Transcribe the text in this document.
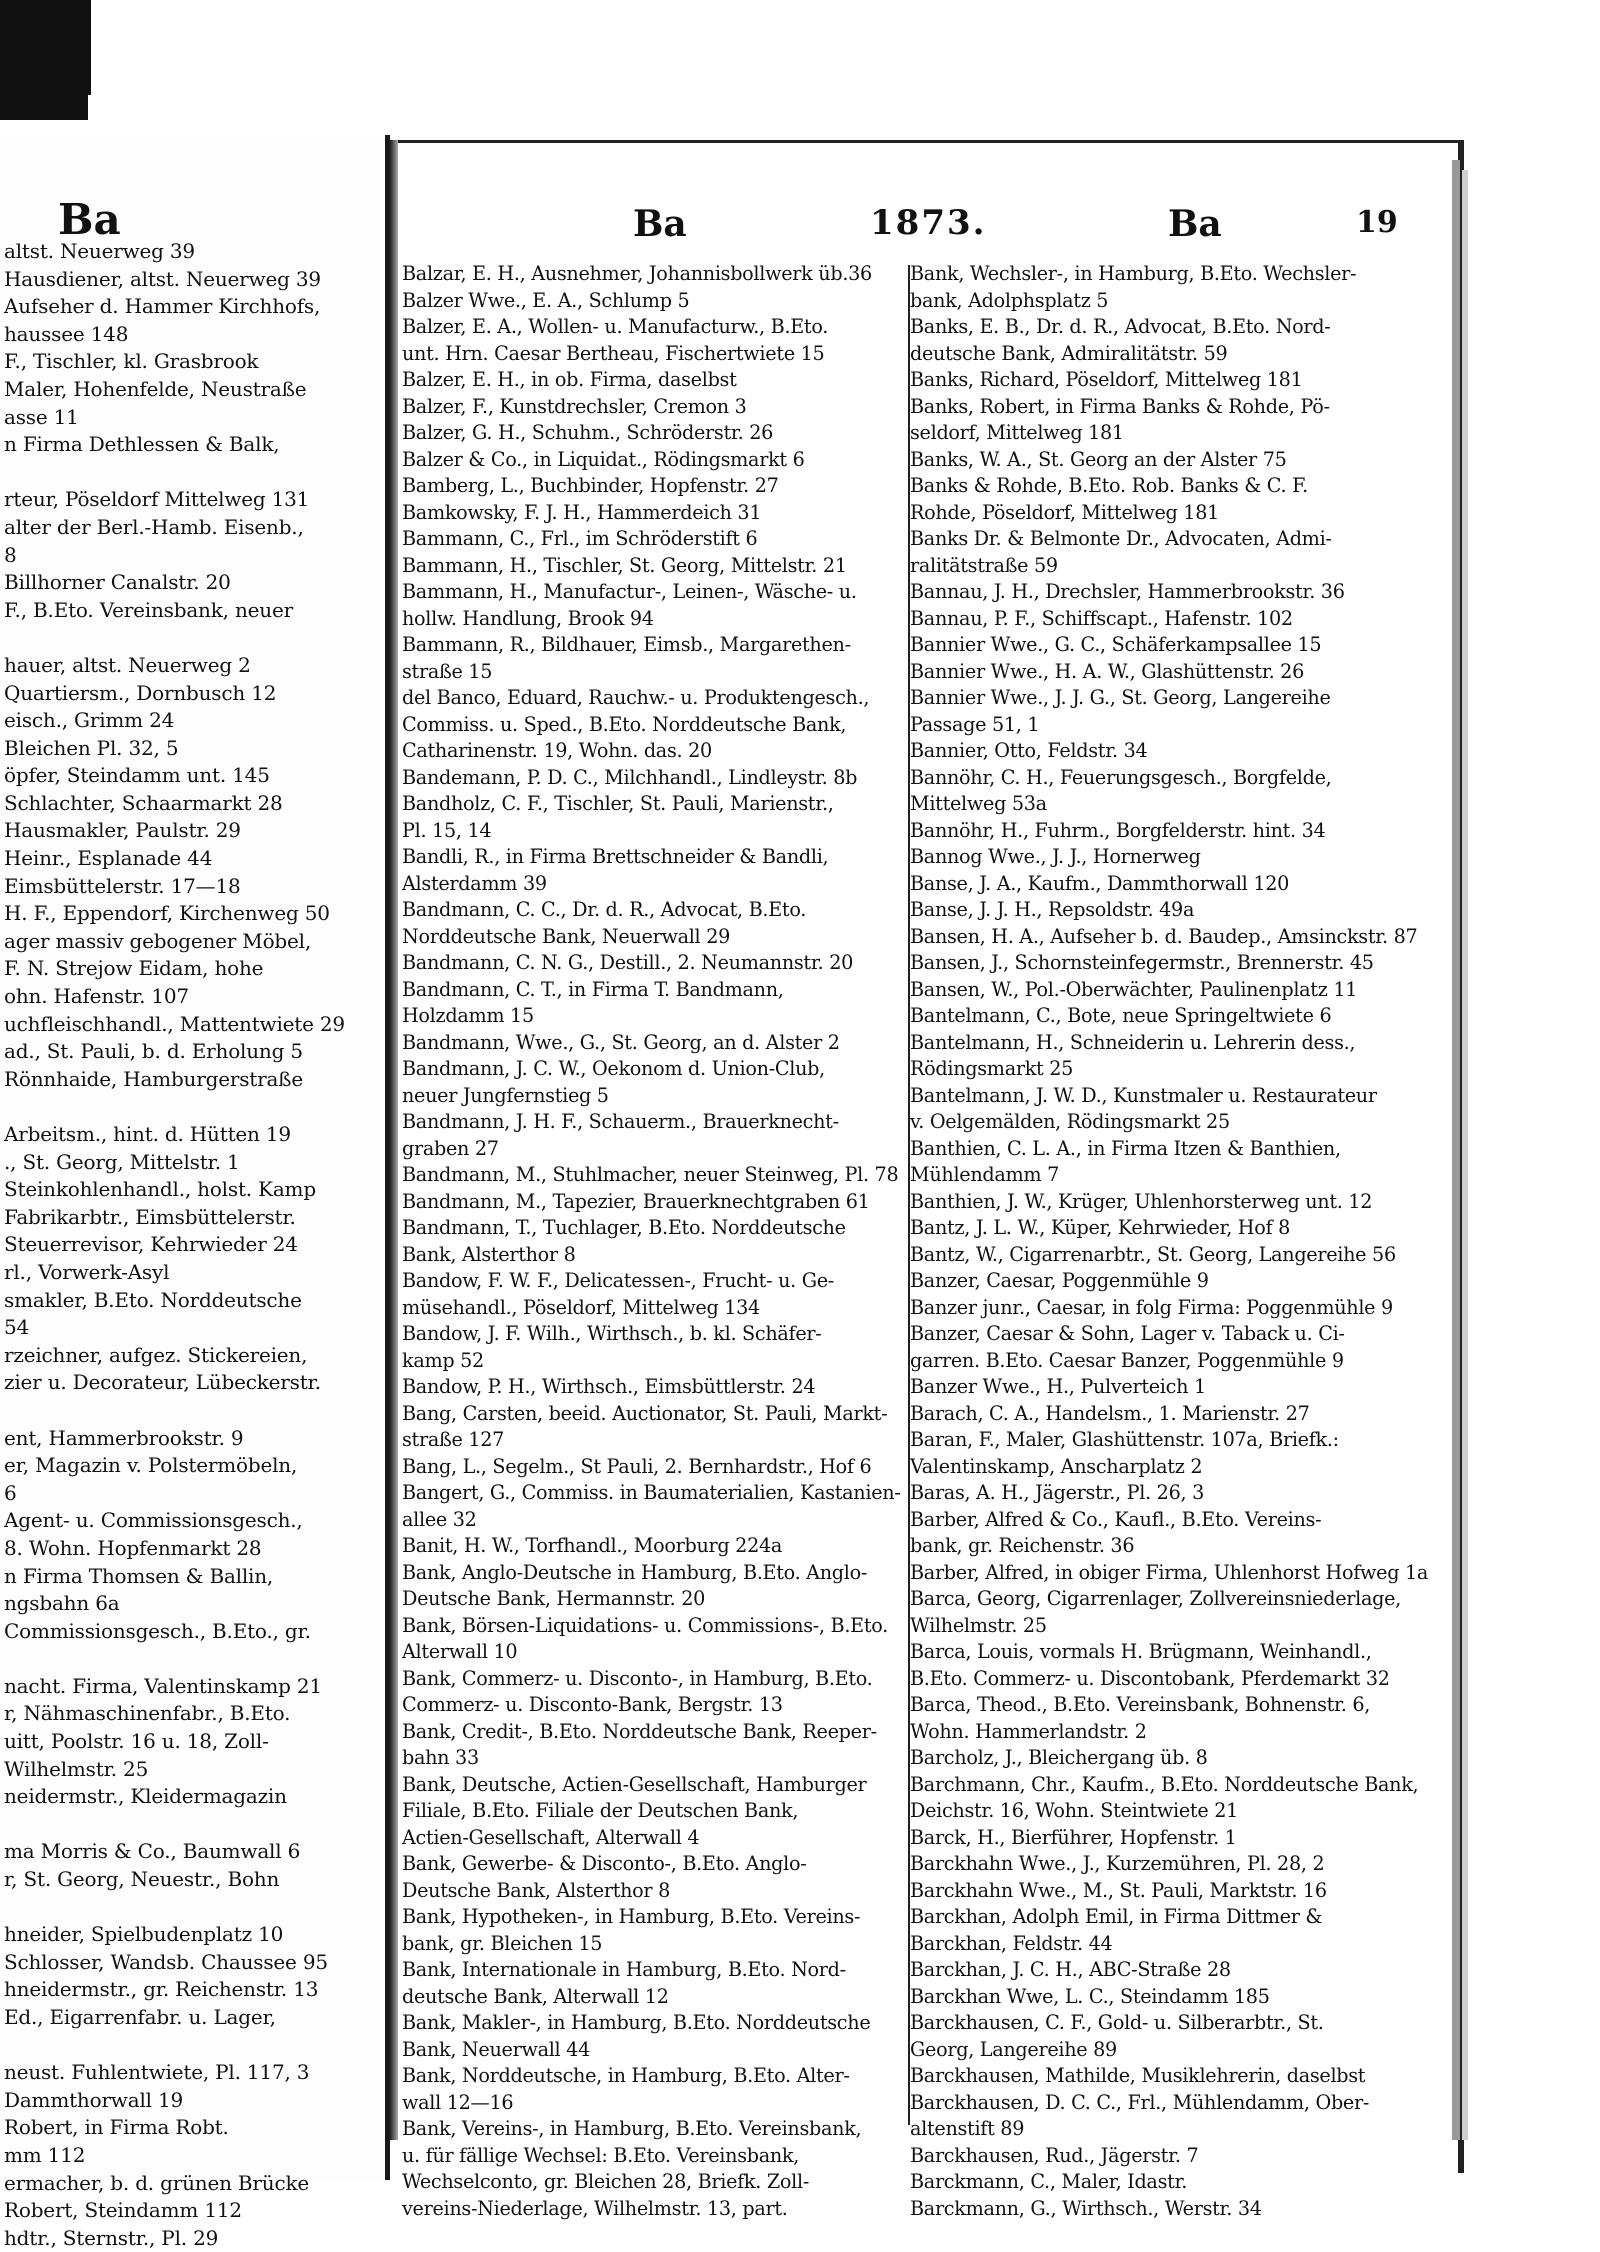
Ba
altst. Neuerweg 39
Hausdiener, altst. Neuerweg 39
Aufseher d. Hammer Kirchhofs,
haussee 148
F., Tischler, kl. Grasbrook
Maler, Hohenfelde, Neustraße
asse 11
n Firma Dethlessen & Balk,
rteur, Pöseldorf Mittelweg 131
alter der Berl.-Hamb. Eisenb.,
8
Billhorner Canalstr. 20
F., B.Eto. Vereinsbank, neuer
hauer, altst. Neuerweg 2
Quartiersm., Dornbusch 12
eisch., Grimm 24
Bleichen Pl. 32, 5
öpfer, Steindamm unt. 145
Schlachter, Schaarmarkt 28
Hausmakler, Paulstr. 29
Heinr., Esplanade 44
Eimsbüttelerstr. 17—18
H. F., Eppendorf, Kirchenweg 50
ager massiv gebogener Möbel,
F. N. Strejow Eidam, hohe
ohn. Hafenstr. 107
uchfleischhandl., Mattentwiete 29
ad., St. Pauli, b. d. Erholung 5
Rönnhaide, Hamburgerstraße
Arbeitsm., hint. d. Hütten 19
., St. Georg, Mittelstr. 1
Steinkohlenhandl., holst. Kamp
Fabrikarbtr., Eimsbüttelerstr.
Steuerrevisor, Kehrwieder 24
rl., Vorwerk-Asyl
smakler, B.Eto. Norddeutsche
54
rzeichner, aufgez. Stickereien,
zier u. Decorateur, Lübeckerstr.
ent, Hammerbrookstr. 9
er, Magazin v. Polstermöbeln,
6
Agent- u. Commissionsgesch.,
8. Wohn. Hopfenmarkt 28
n Firma Thomsen & Ballin,
ngsbahn 6a
Commissionsgesch., B.Eto., gr.
nacht. Firma, Valentinskamp 21
r, Nähmaschinenfabr., B.Eto.
uitt, Poolstr. 16 u. 18, Zoll-
Wilhelmstr. 25
neidermstr., Kleidermagazin
ma Morris & Co., Baumwall 6
r, St. Georg, Neuestr., Bohn
hneider, Spielbudenplatz 10
Schlosser, Wandsb. Chaussee 95
hneidermstr., gr. Reichenstr. 13
Ed., Eigarrenfabr. u. Lager,
neust. Fuhlentwiete, Pl. 117, 3
Dammthorwall 19
Robert, in Firma Robt.
mm 112
ermacher, b. d. grünen Brücke
Robert, Steindamm 112
hdtr., Sternstr., Pl. 29
Ba	1873.	Ba	19
Balzar, E. H., Ausnehmer, Johannisbollwerk üb.36
Balzer Wwe., E. A., Schlump 5
Balzer, E. A., Wollen- u. Manufacturw., B.Eto.
unt. Hrn. Caesar Bertheau, Fischertwiete 15
Balzer, E. H., in ob. Firma, daselbst
Balzer, F., Kunstdrechsler, Cremon 3
Balzer, G. H., Schuhm., Schröderstr. 26
Balzer & Co., in Liquidat., Rödingsmarkt 6
Bamberg, L., Buchbinder, Hopfenstr. 27
Bamkowsky, F. J. H., Hammerdeich 31
Bammann, C., Frl., im Schröderstift 6
Bammann, H., Tischler, St. Georg, Mittelstr. 21
Bammann, H., Manufactur-, Leinen-, Wäsche- u.
hollw. Handlung, Brook 94
Bammann, R., Bildhauer, Eimsb., Margarethen-
straße 15
del Banco, Eduard, Rauchw.- u. Produktengesch.,
Commiss. u. Sped., B.Eto. Norddeutsche Bank,
Catharinenstr. 19, Wohn. das. 20
Bandemann, P. D. C., Milchhandl., Lindleystr. 8b
Bandholz, C. F., Tischler, St. Pauli, Marienstr.,
Pl. 15, 14
Bandli, R., in Firma Brettschneider & Bandli,
Alsterdamm 39
Bandmann, C. C., Dr. d. R., Advocat, B.Eto.
Norddeutsche Bank, Neuerwall 29
Bandmann, C. N. G., Destill., 2. Neumannstr. 20
Bandmann, C. T., in Firma T. Bandmann,
Holzdamm 15
Bandmann, Wwe., G., St. Georg, an d. Alster 2
Bandmann, J. C. W., Oekonom d. Union-Club,
neuer Jungfernstieg 5
Bandmann, J. H. F., Schauerm., Brauerknecht-
graben 27
Bandmann, M., Stuhlmacher, neuer Steinweg, Pl. 78
Bandmann, M., Tapezier, Brauerknechtgraben 61
Bandmann, T., Tuchlager, B.Eto. Norddeutsche
Bank, Alsterthor 8
Bandow, F. W. F., Delicatessen-, Frucht- u. Ge-
müsehandl., Pöseldorf, Mittelweg 134
Bandow, J. F. Wilh., Wirthsch., b. kl. Schäfer-
kamp 52
Bandow, P. H., Wirthsch., Eimsbüttlerstr. 24
Bang, Carsten, beeid. Auctionator, St. Pauli, Markt-
straße 127
Bang, L., Segelm., St Pauli, 2. Bernhardstr., Hof 6
Bangert, G., Commiss. in Baumaterialien, Kastanien-
allee 32
Banit, H. W., Torfhandl., Moorburg 224a
Bank, Anglo-Deutsche in Hamburg, B.Eto. Anglo-
Deutsche Bank, Hermannstr. 20
Bank, Börsen-Liquidations- u. Commissions-, B.Eto.
Alterwall 10
Bank, Commerz- u. Disconto-, in Hamburg, B.Eto.
Commerz- u. Disconto-Bank, Bergstr. 13
Bank, Credit-, B.Eto. Norddeutsche Bank, Reeper-
bahn 33
Bank, Deutsche, Actien-Gesellschaft, Hamburger
Filiale, B.Eto. Filiale der Deutschen Bank,
Actien-Gesellschaft, Alterwall 4
Bank, Gewerbe- & Disconto-, B.Eto. Anglo-
Deutsche Bank, Alsterthor 8
Bank, Hypotheken-, in Hamburg, B.Eto. Vereins-
bank, gr. Bleichen 15
Bank, Internationale in Hamburg, B.Eto. Nord-
deutsche Bank, Alterwall 12
Bank, Makler-, in Hamburg, B.Eto. Norddeutsche
Bank, Neuerwall 44
Bank, Norddeutsche, in Hamburg, B.Eto. Alter-
wall 12—16
Bank, Vereins-, in Hamburg, B.Eto. Vereinsbank,
u. für fällige Wechsel: B.Eto. Vereinsbank,
Wechselconto, gr. Bleichen 28, Briefk. Zoll-
vereins-Niederlage, Wilhelmstr. 13, part.
Bank, Wechsler-, in Hamburg, B.Eto. Wechsler-
bank, Adolphsplatz 5
Banks, E. B., Dr. d. R., Advocat, B.Eto. Nord-
deutsche Bank, Admiralitätstr. 59
Banks, Richard, Pöseldorf, Mittelweg 181
Banks, Robert, in Firma Banks & Rohde, Pö-
seldorf, Mittelweg 181
Banks, W. A., St. Georg an der Alster 75
Banks & Rohde, B.Eto. Rob. Banks & C. F.
Rohde, Pöseldorf, Mittelweg 181
Banks Dr. & Belmonte Dr., Advocaten, Admi-
ralitätstraße 59
Bannau, J. H., Drechsler, Hammerbrookstr. 36
Bannau, P. F., Schiffscapt., Hafenstr. 102
Bannier Wwe., G. C., Schäferkampsallee 15
Bannier Wwe., H. A. W., Glashüttenstr. 26
Bannier Wwe., J. J. G., St. Georg, Langereihe
Passage 51, 1
Bannier, Otto, Feldstr. 34
Bannöhr, C. H., Feuerungsgesch., Borgfelde,
Mittelweg 53a
Bannöhr, H., Fuhrm., Borgfelderstr. hint. 34
Bannog Wwe., J. J., Hornerweg
Banse, J. A., Kaufm., Dammthorwall 120
Banse, J. J. H., Repsoldstr. 49a
Bansen, H. A., Aufseher b. d. Baudep., Amsinckstr. 87
Bansen, J., Schornsteinfegermstr., Brennerstr. 45
Bansen, W., Pol.-Oberwächter, Paulinenplatz 11
Bantelmann, C., Bote, neue Springeltwiete 6
Bantelmann, H., Schneiderin u. Lehrerin dess.,
Rödingsmarkt 25
Bantelmann, J. W. D., Kunstmaler u. Restaurateur
v. Oelgemälden, Rödingsmarkt 25
Banthien, C. L. A., in Firma Itzen & Banthien,
Mühlendamm 7
Banthien, J. W., Krüger, Uhlenhorsterweg unt. 12
Bantz, J. L. W., Küper, Kehrwieder, Hof 8
Bantz, W., Cigarrenarbtr., St. Georg, Langereihe 56
Banzer, Caesar, Poggenmühle 9
Banzer junr., Caesar, in folg Firma: Poggenmühle 9
Banzer, Caesar & Sohn, Lager v. Taback u. Ci-
garren. B.Eto. Caesar Banzer, Poggenmühle 9
Banzer Wwe., H., Pulverteich 1
Barach, C. A., Handelsm., 1. Marienstr. 27
Baran, F., Maler, Glashüttenstr. 107a, Briefk.:
Valentinskamp, Anscharplatz 2
Baras, A. H., Jägerstr., Pl. 26, 3
Barber, Alfred & Co., Kaufl., B.Eto. Vereins-
bank, gr. Reichenstr. 36
Barber, Alfred, in obiger Firma, Uhlenhorst Hofweg 1a
Barca, Georg, Cigarrenlager, Zollvereinsniederlage,
Wilhelmstr. 25
Barca, Louis, vormals H. Brügmann, Weinhandl.,
B.Eto. Commerz- u. Discontobank, Pferdemarkt 32
Barca, Theod., B.Eto. Vereinsbank, Bohnenstr. 6,
Wohn. Hammerlandstr. 2
Barcholz, J., Bleichergang üb. 8
Barchmann, Chr., Kaufm., B.Eto. Norddeutsche Bank,
Deichstr. 16, Wohn. Steintwiete 21
Barck, H., Bierführer, Hopfenstr. 1
Barckhahn Wwe., J., Kurzemühren, Pl. 28, 2
Barckhahn Wwe., M., St. Pauli, Marktstr. 16
Barckhan, Adolph Emil, in Firma Dittmer &
Barckhan, Feldstr. 44
Barckhan, J. C. H., ABC-Straße 28
Barckhan Wwe, L. C., Steindamm 185
Barckhausen, C. F., Gold- u. Silberarbtr., St.
Georg, Langereihe 89
Barckhausen, Mathilde, Musiklehrerin, daselbst
Barckhausen, D. C. C., Frl., Mühlendamm, Ober-
altenstift 89
Barckhausen, Rud., Jägerstr. 7
Barckmann, C., Maler, Idastr.
Barckmann, G., Wirthsch., Werstr. 34
